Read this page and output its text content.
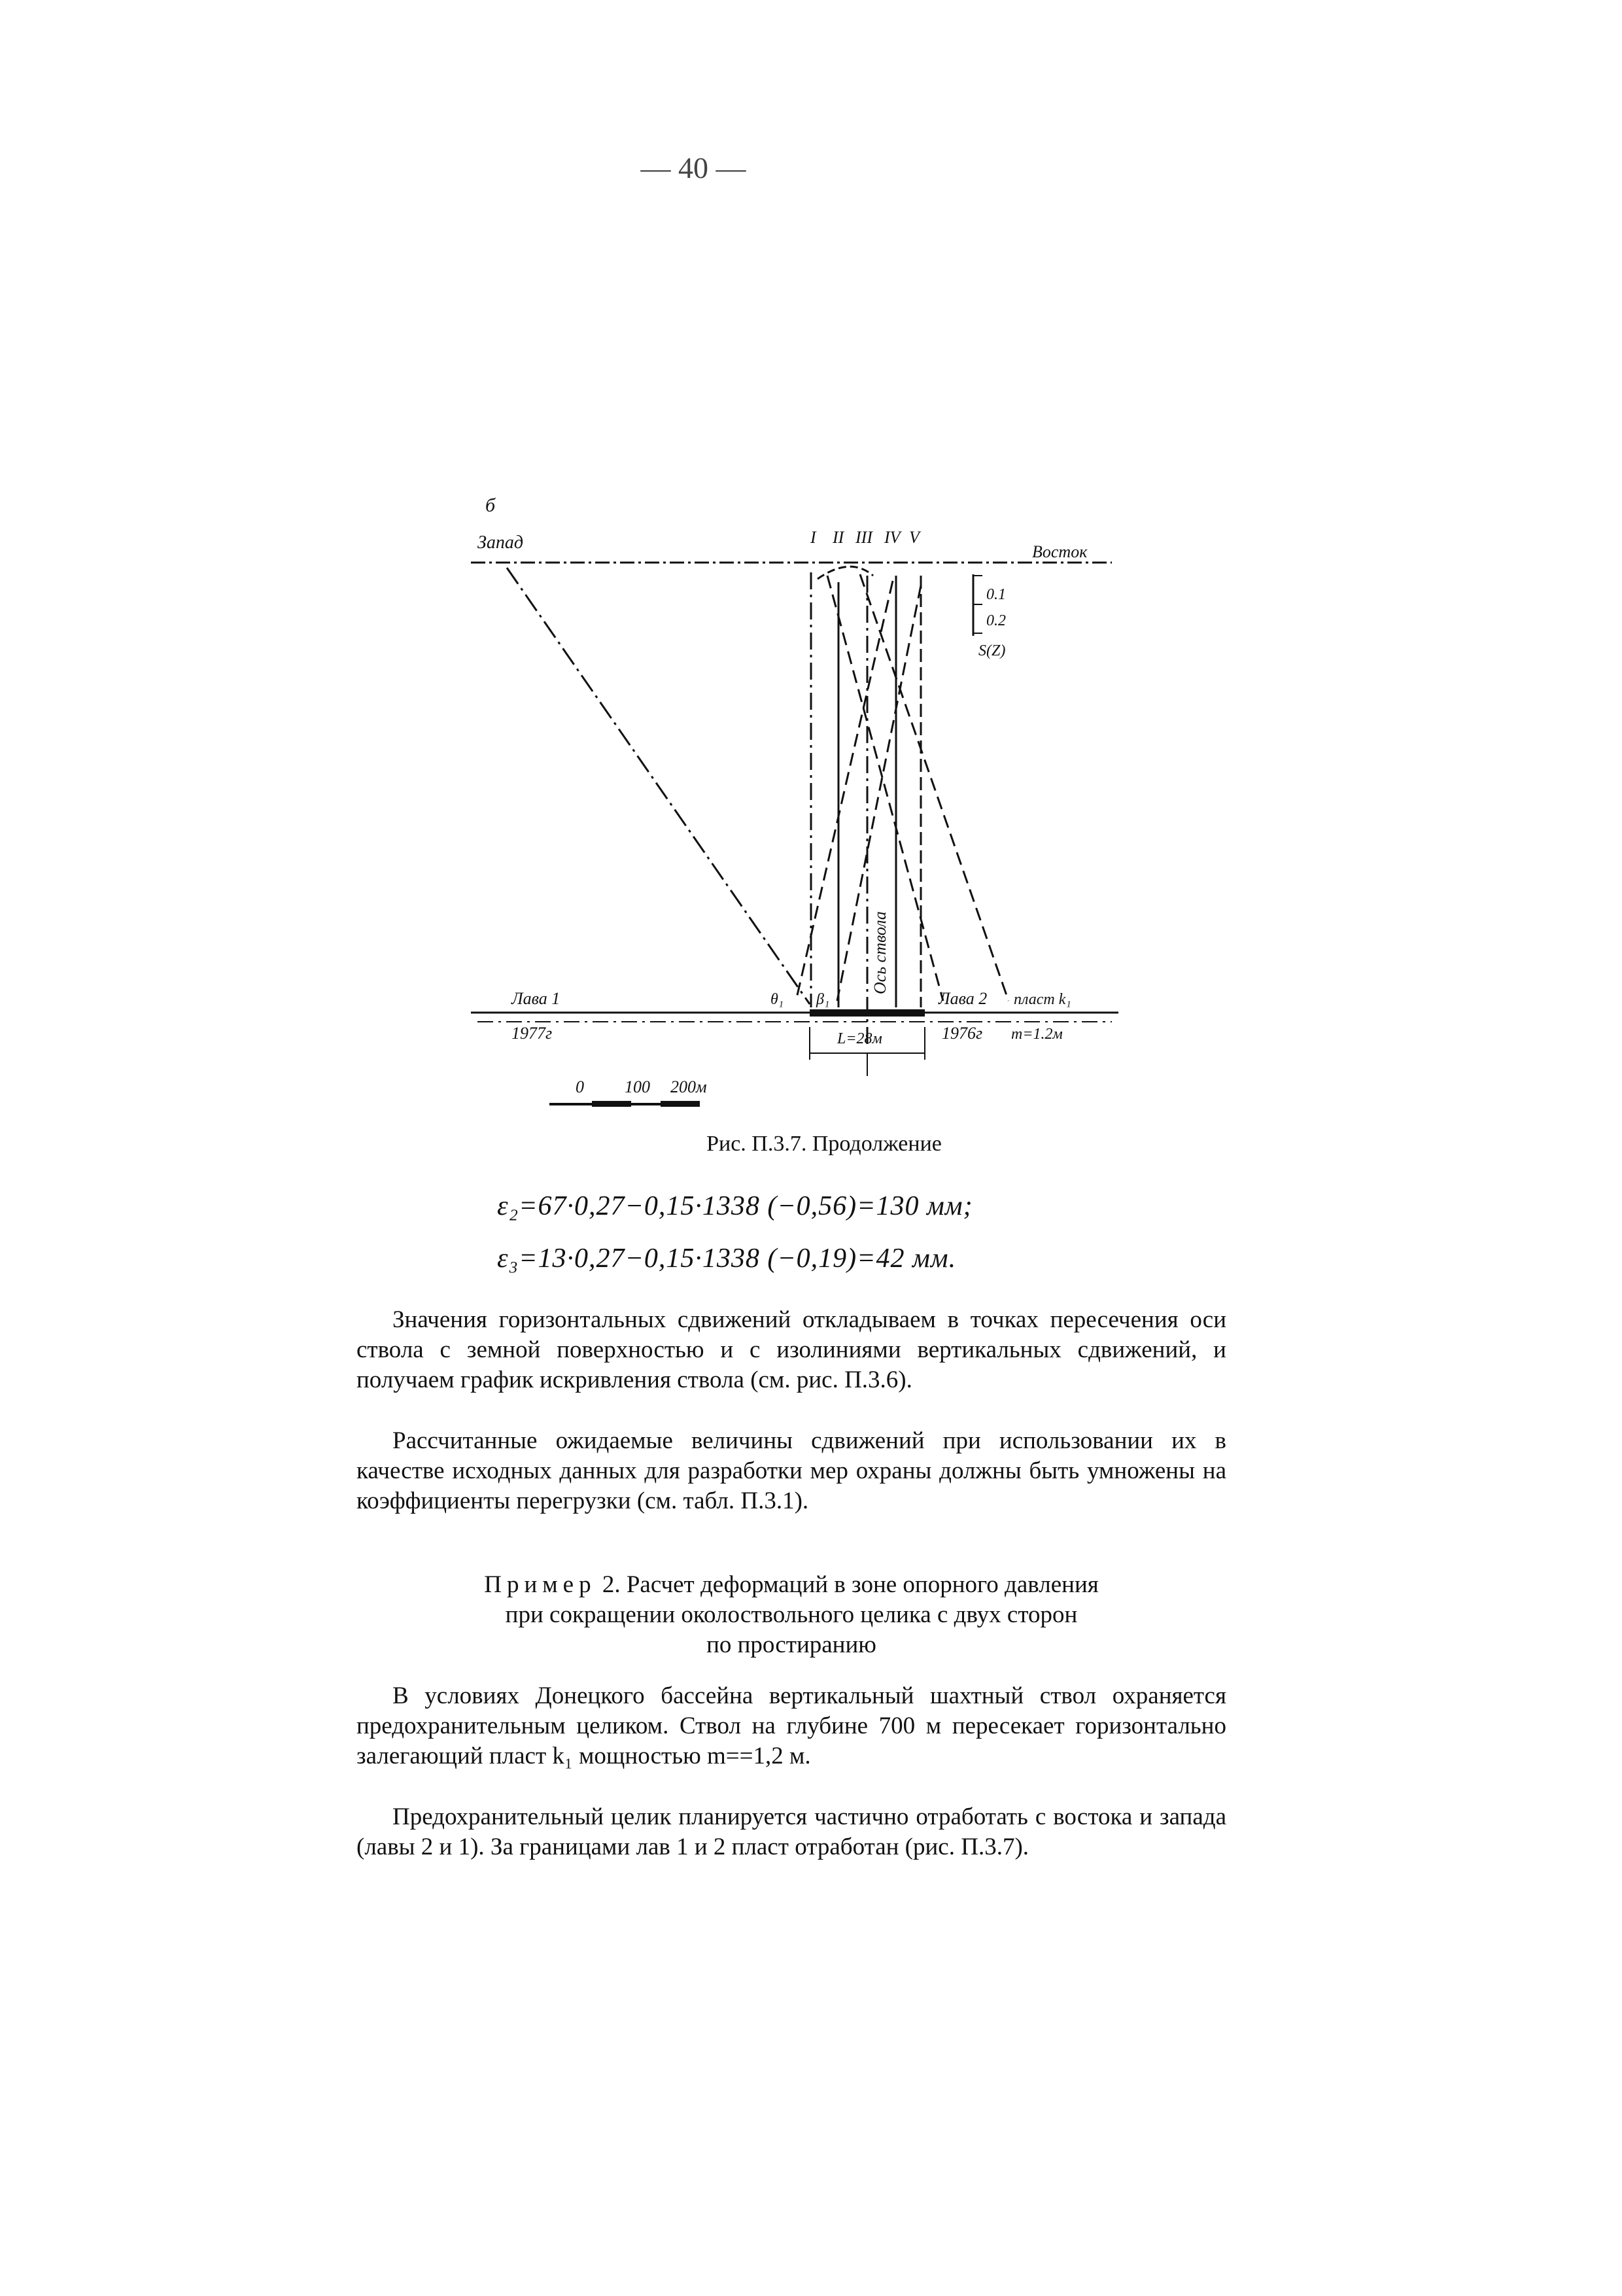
— 40 —
б
Запад	Восток
I II III IV V
0.1
0.2
S(Z)
Ось ствола
Лава 1
1977г
θ₁ β₁	Лава 2 пласт k₁
1976г m=1.2м
L=28м
0 100 200м
Рис. П.3.7. Продолжение
ε₂=67·0,27−0,15·1338 (−0,56)=130 мм;
ε₃=13·0,27−0,15·1338 (−0,19)=42 мм.
Значения горизонтальных сдвижений откладываем в точках пересечения оси ствола с земной поверхностью и с изолиниями вертикальных сдвижений, и получаем график искривления ствола (см. рис. П.3.6).
Рассчитанные ожидаемые величины сдвижений при использовании их в качестве исходных данных для разработки мер охраны должны быть умножены на коэффициенты перегрузки (см. табл. П.3.1).
Пример 2. Расчет деформаций в зоне опорного давления
при сокращении околоствольного целика с двух сторон
по простиранию
В условиях Донецкого бассейна вертикальный шахтный ствол охраняется предохранительным целиком. Ствол на глубине 700 м пересекает горизонтально залегающий пласт k₁ мощностью m==1,2 м.
Предохранительный целик планируется частично отработать с востока и запада (лавы 2 и 1). За границами лав 1 и 2 пласт отработан (рис. П.3.7).
